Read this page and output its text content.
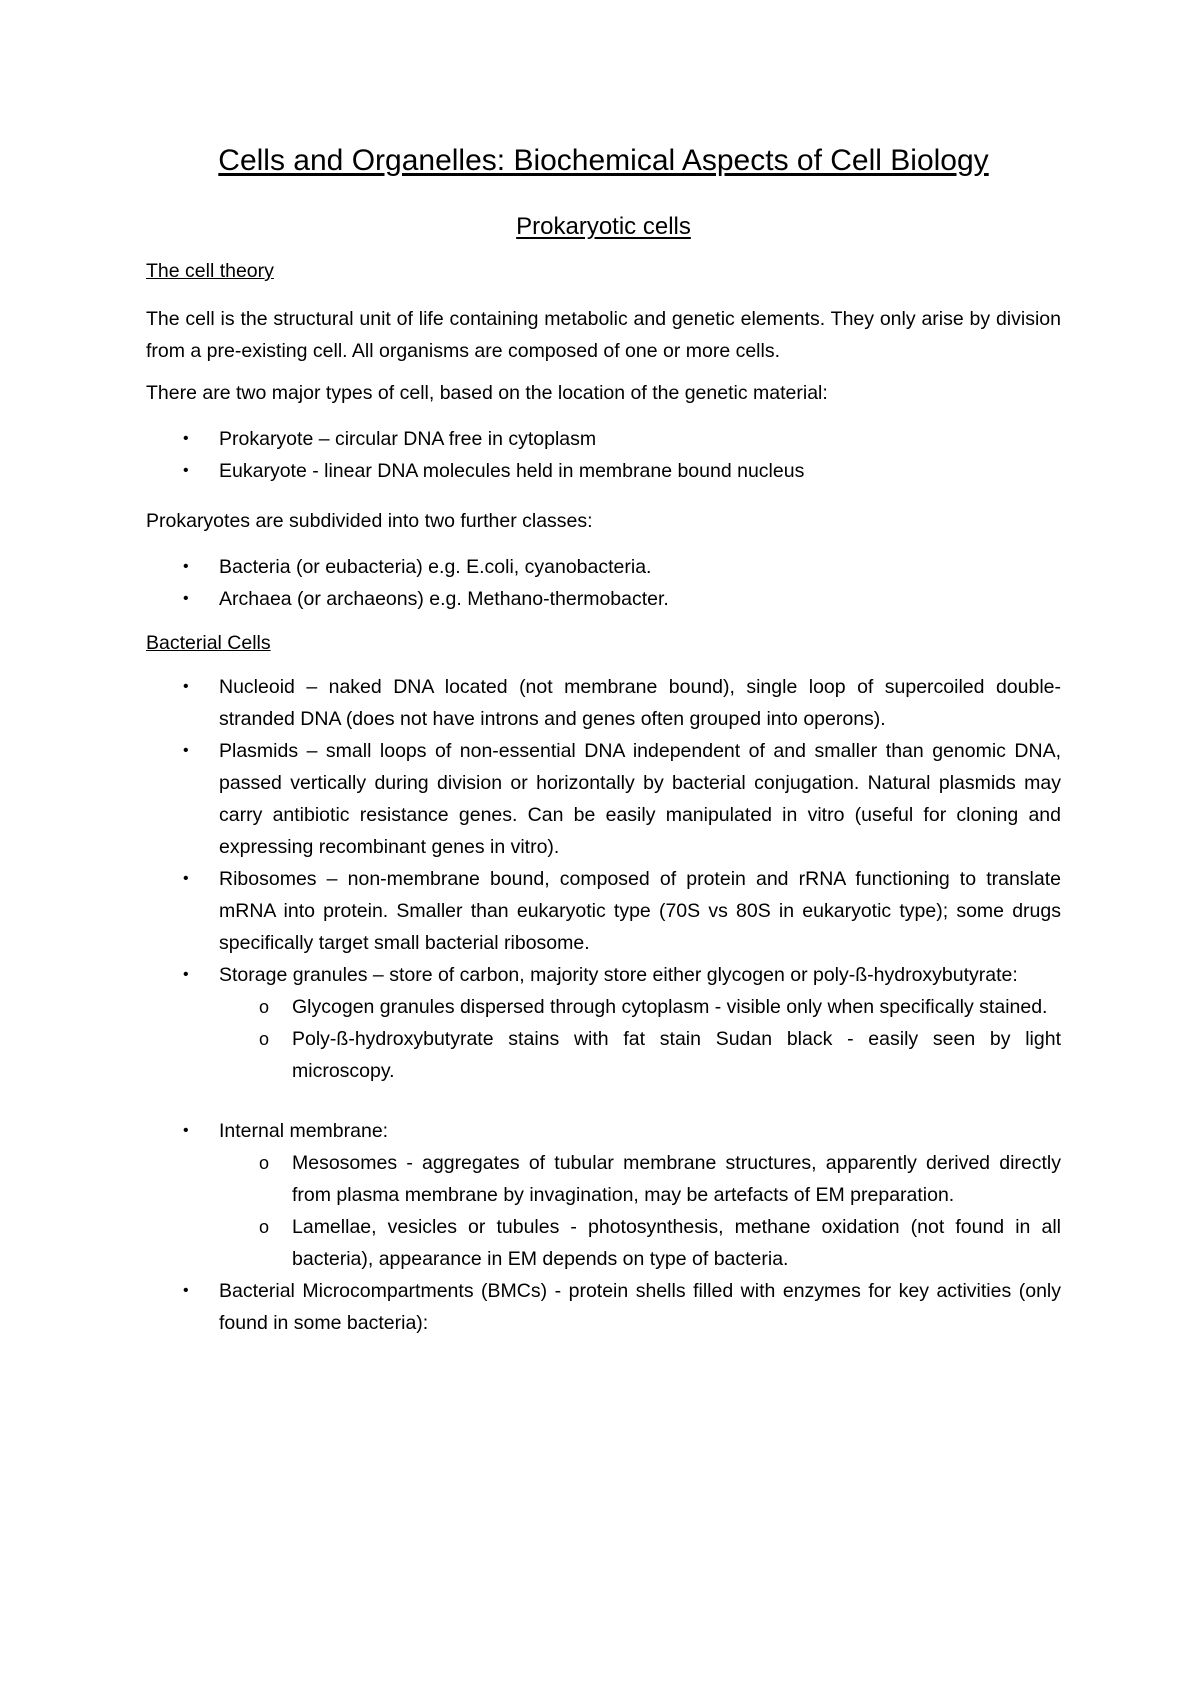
Cells and Organelles: Biochemical Aspects of Cell Biology
Prokaryotic cells
The cell theory

The cell is the structural unit of life containing metabolic and genetic elements. They only arise by division from a pre-existing cell. All organisms are composed of one or more cells.

There are two major types of cell, based on the location of the genetic material:

• Prokaryote – circular DNA free in cytoplasm
• Eukaryote - linear DNA molecules held in membrane bound nucleus

Prokaryotes are subdivided into two further classes:

• Bacteria (or eubacteria) e.g. E.coli, cyanobacteria.
• Archaea (or archaeons) e.g. Methano-thermobacter.
Bacterial Cells
• Nucleoid – naked DNA located (not membrane bound), single loop of supercoiled double-stranded DNA (does not have introns and genes often grouped into operons).
• Plasmids – small loops of non-essential DNA independent of and smaller than genomic DNA, passed vertically during division or horizontally by bacterial conjugation. Natural plasmids may carry antibiotic resistance genes. Can be easily manipulated in vitro (useful for cloning and expressing recombinant genes in vitro).
• Ribosomes – non-membrane bound, composed of protein and rRNA functioning to translate mRNA into protein. Smaller than eukaryotic type (70S vs 80S in eukaryotic type); some drugs specifically target small bacterial ribosome.
• Storage granules – store of carbon, majority store either glycogen or poly-ß-hydroxybutyrate:
o Glycogen granules dispersed through cytoplasm - visible only when specifically stained.
o Poly-ß-hydroxybutyrate stains with fat stain Sudan black - easily seen by light microscopy.
• Internal membrane:
o Mesosomes - aggregates of tubular membrane structures, apparently derived directly from plasma membrane by invagination, may be artefacts of EM preparation.
o Lamellae, vesicles or tubules - photosynthesis, methane oxidation (not found in all bacteria), appearance in EM depends on type of bacteria.
• Bacterial Microcompartments (BMCs) - protein shells filled with enzymes for key activities (only found in some bacteria):
